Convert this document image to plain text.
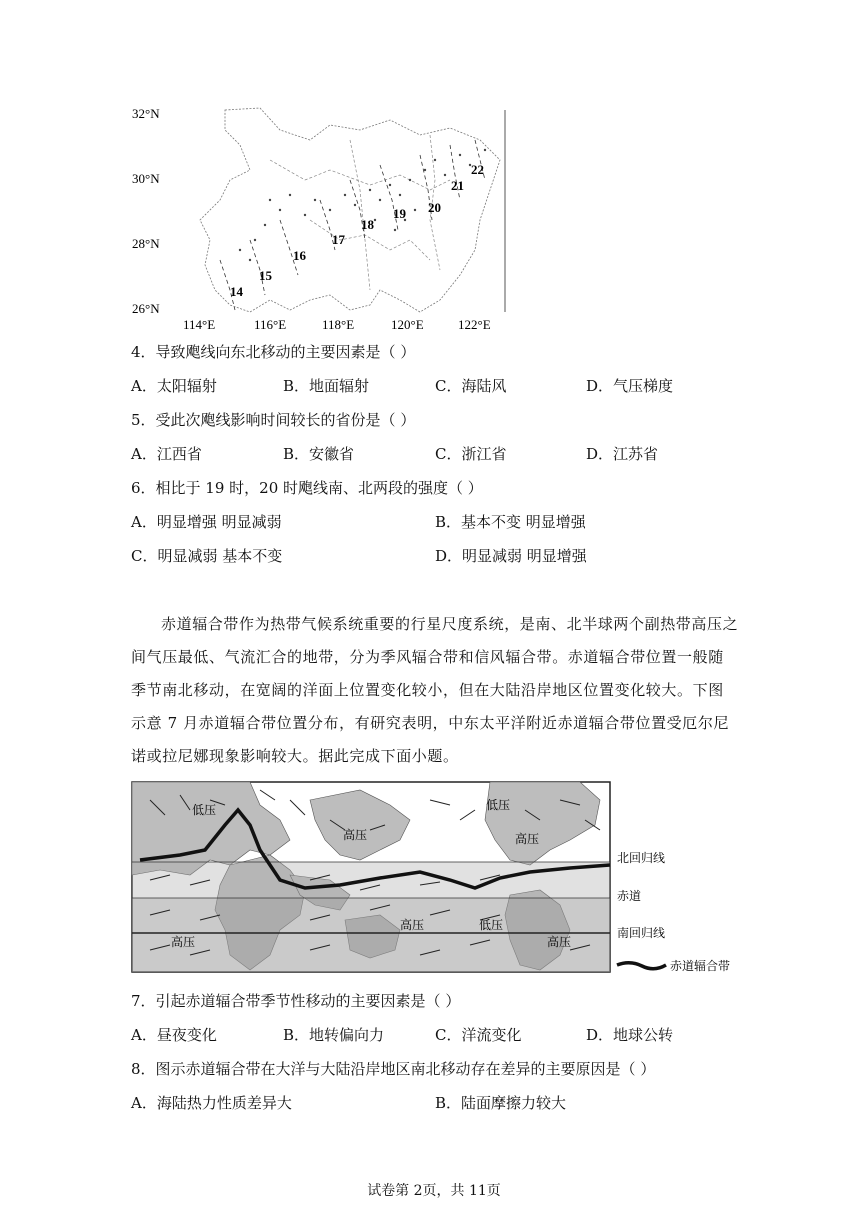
32°N
30°N
28°N
26°N
114°E	116°E	118°E	120°E	122°E
14
15
16
17
18
19 20
21
22
4．导致飑线向东北移动的主要因素是（ ）
A．太阳辐射	B．地面辐射	C．海陆风	D．气压梯度
5．受此次飑线影响时间较长的省份是（ ）
A．江西省	B．安徽省	C．浙江省	D．江苏省
6．相比于 19 时，20 时飑线南、北两段的强度（ ）
A．明显增强 明显减弱	B．基本不变 明显增强
C．明显减弱 基本不变	D．明显减弱 明显增强
赤道辐合带作为热带气候系统重要的行星尺度系统，是南、北半球两个副热带高压之间气压最低、气流汇合的地带，分为季风辐合带和信风辐合带。赤道辐合带位置一般随季节南北移动，在宽阔的洋面上位置变化较小，但在大陆沿岸地区位置变化较大。下图示意 7 月赤道辐合带位置分布，有研究表明，中东太平洋附近赤道辐合带位置受厄尔尼诺或拉尼娜现象影响较大。据此完成下面小题。
低压
高压
低压
高压
高压	低压
高压	高压
北回归线
赤道
南回归线
赤道辐合带
7．引起赤道辐合带季节性移动的主要因素是（ ）
A．昼夜变化	B．地转偏向力	C．洋流变化	D．地球公转
8．图示赤道辐合带在大洋与大陆沿岸地区南北移动存在差异的主要原因是（ ）
A．海陆热力性质差异大	B．陆面摩擦力较大
试卷第 2页，共 11页
